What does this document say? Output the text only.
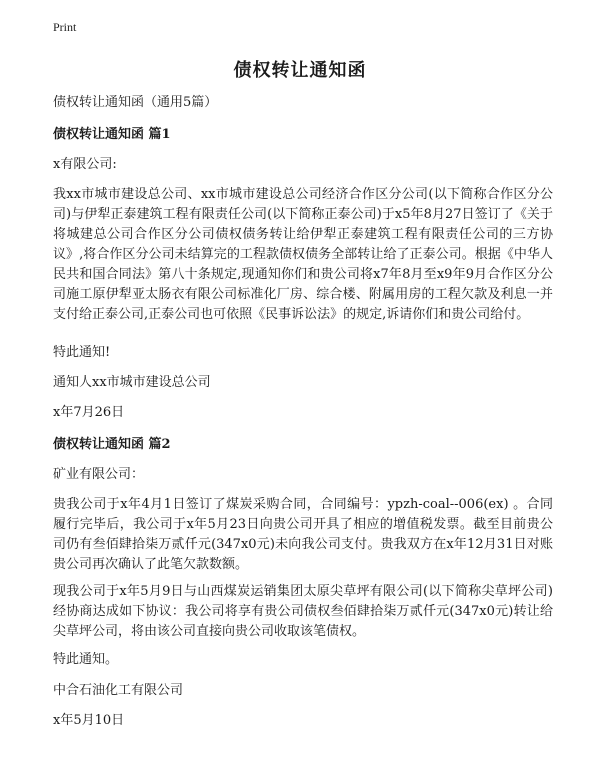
Print
债权转让通知函

债权转让通知函（通用5篇）

债权转让通知函 篇1

x有限公司:

我xx市城市建设总公司、xx市城市建设总公司经济合作区分公司(以下简称合作区分公司)与伊犁正泰建筑工程有限责任公司(以下简称正泰公司)于x5年8月27日签订了《关于将城建总公司合作区分公司债权债务转让给伊犁正泰建筑工程有限责任公司的三方协议》,将合作区分公司未结算完的工程款债权债务全部转让给了正泰公司。根据《中华人民共和国合同法》第八十条规定,现通知你们和贵公司将x7年8月至x9年9月合作区分公司施工原伊犁亚太肠衣有限公司标准化厂房、综合楼、附属用房的工程欠款及利息一并支付给正泰公司,正泰公司也可依照《民事诉讼法》的规定,诉请你们和贵公司给付。

特此通知!

通知人xx市城市建设总公司

x年7月26日

债权转让通知函 篇2

矿业有限公司：

贵我公司于x年4月1日签订了煤炭采购合同，合同编号：ypzh-coal--006(ex) 。合同履行完毕后，我公司于x年5月23日向贵公司开具了相应的增值税发票。截至目前贵公司仍有叁佰肆拾柒万贰仟元(347x0元)未向我公司支付。贵我双方在x年12月31日对账贵公司再次确认了此笔欠款数额。

现我公司于x年5月9日与山西煤炭运销集团太原尖草坪有限公司(以下简称尖草坪公司)经协商达成如下协议：我公司将享有贵公司债权叁佰肆拾柒万贰仟元(347x0元)转让给尖草坪公司，将由该公司直接向贵公司收取该笔债权。

特此通知。

中合石油化工有限公司

x年5月10日
